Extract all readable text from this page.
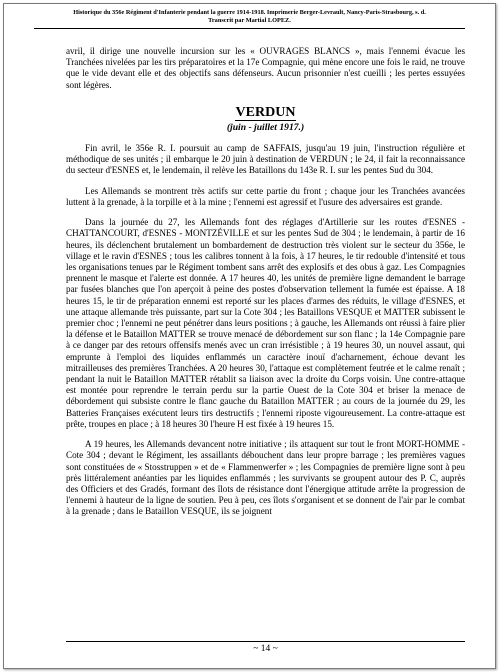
Historique du 356e Régiment d'Infanterie pendant la guerre 1914-1918. Imprimerie Berger-Levrault, Nancy-Paris-Strasbourg, s. d.
Transcrit par Martial LOPEZ.

avril, il dirige une nouvelle incursion sur les « OUVRAGES BLANCS », mais l'ennemi évacue les Tranchées nivelées par les tirs préparatoires et la 17e Compagnie, qui mène encore une fois le raid, ne trouve que le vide devant elle et des objectifs sans défenseurs. Aucun prisonnier n'est cueilli ; les pertes essuyées sont légères.

VERDUN
(juin - juillet 1917.)

Fin avril, le 356e R. I. poursuit au camp de SAFFAIS, jusqu'au 19 juin, l'instruction régulière et méthodique de ses unités ; il embarque le 20 juin à destination de VERDUN ; le 24, il fait la reconnaissance du secteur d'ESNES et, le lendemain, il relève les Bataillons du 143e R. I. sur les pentes Sud du 304.

Les Allemands se montrent très actifs sur cette partie du front ; chaque jour les Tranchées avancées luttent à la grenade, à la torpille et à la mine ; l'ennemi est agressif et l'usure des adversaires est grande.

Dans la journée du 27, les Allemands font des réglages d'Artillerie sur les routes d'ESNES - CHATTANCOURT, d'ESNES - MONTZÉVILLE et sur les pentes Sud de 304 ; le lendemain, à partir de 16 heures, ils déclenchent brutalement un bombardement de destruction très violent sur le secteur du 356e, le village et le ravin d'ESNES ; tous les calibres tonnent à la fois, à 17 heures, le tir redouble d'intensité et tous les organisations tenues par le Régiment tombent sans arrêt des explosifs et des obus à gaz. Les Compagnies prennent le masque et l'alerte est donnée. A 17 heures 40, les unités de première ligne demandent le barrage par fusées blanches que l'on aperçoit à peine des postes d'observation tellement la fumée est épaisse. A 18 heures 15, le tir de préparation ennemi est reporté sur les places d'armes des réduits, le village d'ESNES, et une attaque allemande très puissante, part sur la Cote 304 ; les Bataillons VESQUE et MATTER subissent le premier choc ; l'ennemi ne peut pénétrer dans leurs positions ; à gauche, les Allemands ont réussi à faire plier la défense et le Bataillon MATTER se trouve menacé de débordement sur son flanc ; la 14e Compagnie pare à ce danger par des retours offensifs menés avec un cran irrésistible ; à 19 heures 30, un nouvel assaut, qui emprunte à l'emploi des liquides enflammés un caractère inouï d'acharnement, échoue devant les mitrailleuses des premières Tranchées. A 20 heures 30, l'attaque est complètement feutrée et le calme renaît ; pendant la nuit le Bataillon MATTER rétablit sa liaison avec la droite du Corps voisin. Une contre-attaque est montée pour reprendre le terrain perdu sur la partie Ouest de la Cote 304 et briser la menace de débordement qui subsiste contre le flanc gauche du Bataillon MATTER ; au cours de la journée du 29, les Batteries Françaises exécutent leurs tirs destructifs ; l'ennemi riposte vigoureusement. La contre-attaque est prête, troupes en place ; à 18 heures 30 l'heure H est fixée à 19 heures 15.

A 19 heures, les Allemands devancent notre initiative ; ils attaquent sur tout le front MORT-HOMME - Cote 304 ; devant le Régiment, les assaillants débouchent dans leur propre barrage ; les premières vagues sont constituées de « Stosstruppen » et de « Flammenwerfer » ; les Compagnies de première ligne sont à peu près littéralement anéanties par les liquides enflammés ; les survivants se groupent autour des P. C, auprès des Officiers et des Gradés, formant des îlots de résistance dont l'énergique attitude arrête la progression de l'ennemi à hauteur de la ligne de soutien. Peu à peu, ces îlots s'organisent et se donnent de l'air par le combat à la grenade ; dans le Bataillon VESQUE, ils se joignent

~ 14 ~
